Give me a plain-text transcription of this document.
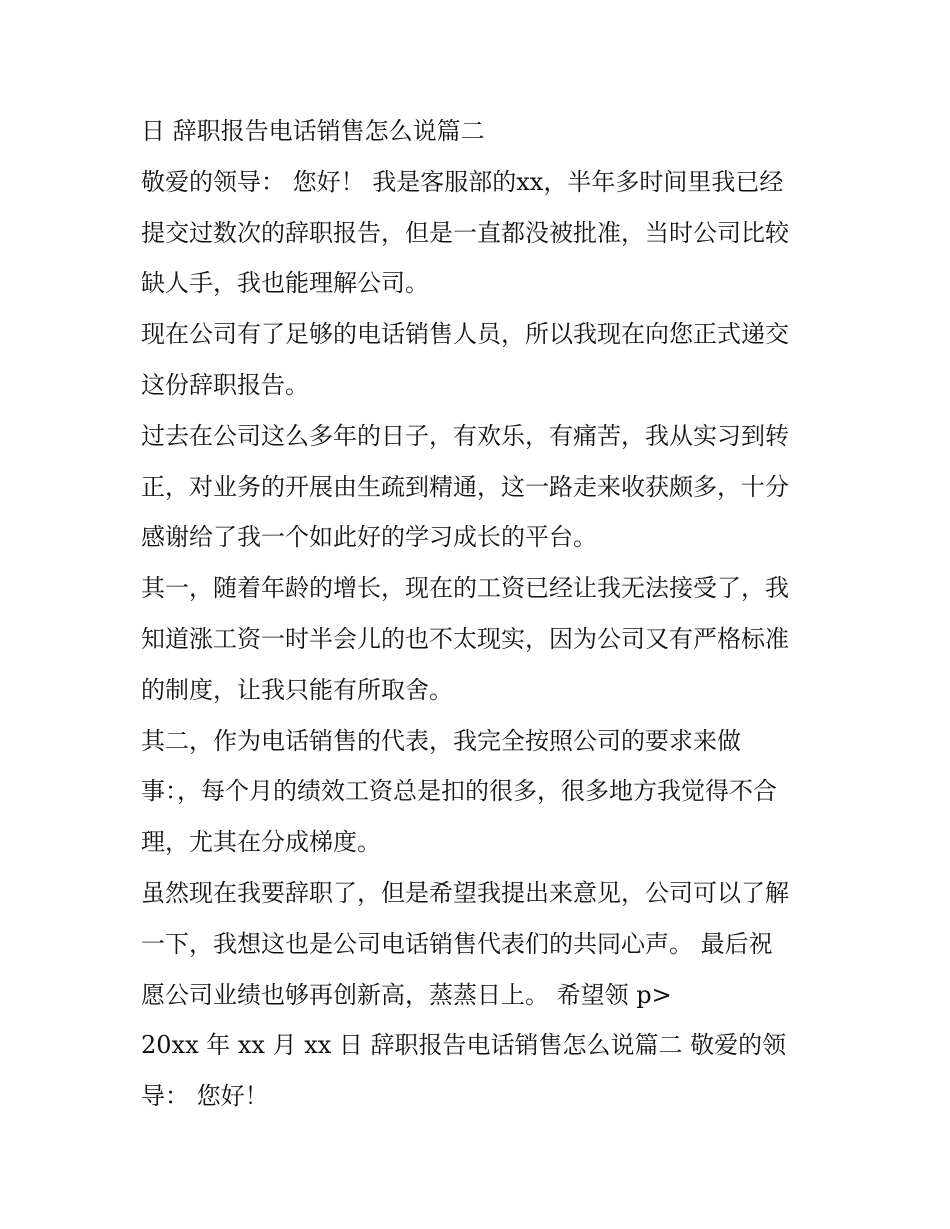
日 辞职报告电话销售怎么说篇二
敬爱的领导： 您好！ 我是客服部的xx，半年多时间里我已经
提交过数次的辞职报告，但是一直都没被批准，当时公司比较
缺人手，我也能理解公司。
现在公司有了足够的电话销售人员，所以我现在向您正式递交
这份辞职报告。
过去在公司这么多年的日子，有欢乐，有痛苦，我从实习到转
正，对业务的开展由生疏到精通，这一路走来收获颇多，十分
感谢给了我一个如此好的学习成长的平台。
其一，随着年龄的增长，现在的工资已经让我无法接受了，我
知道涨工资一时半会儿的也不太现实，因为公司又有严格标准
的制度，让我只能有所取舍。
其二，作为电话销售的代表，我完全按照公司的要求来做
事：，每个月的绩效工资总是扣的很多，很多地方我觉得不合
理，尤其在分成梯度。
虽然现在我要辞职了，但是希望我提出来意见，公司可以了解
一下，我想这也是公司电话销售代表们的共同心声。 最后祝
愿公司业绩也够再创新高，蒸蒸日上。 希望领 p>
20xx 年 xx 月 xx 日 辞职报告电话销售怎么说篇二 敬爱的领
导： 您好！
